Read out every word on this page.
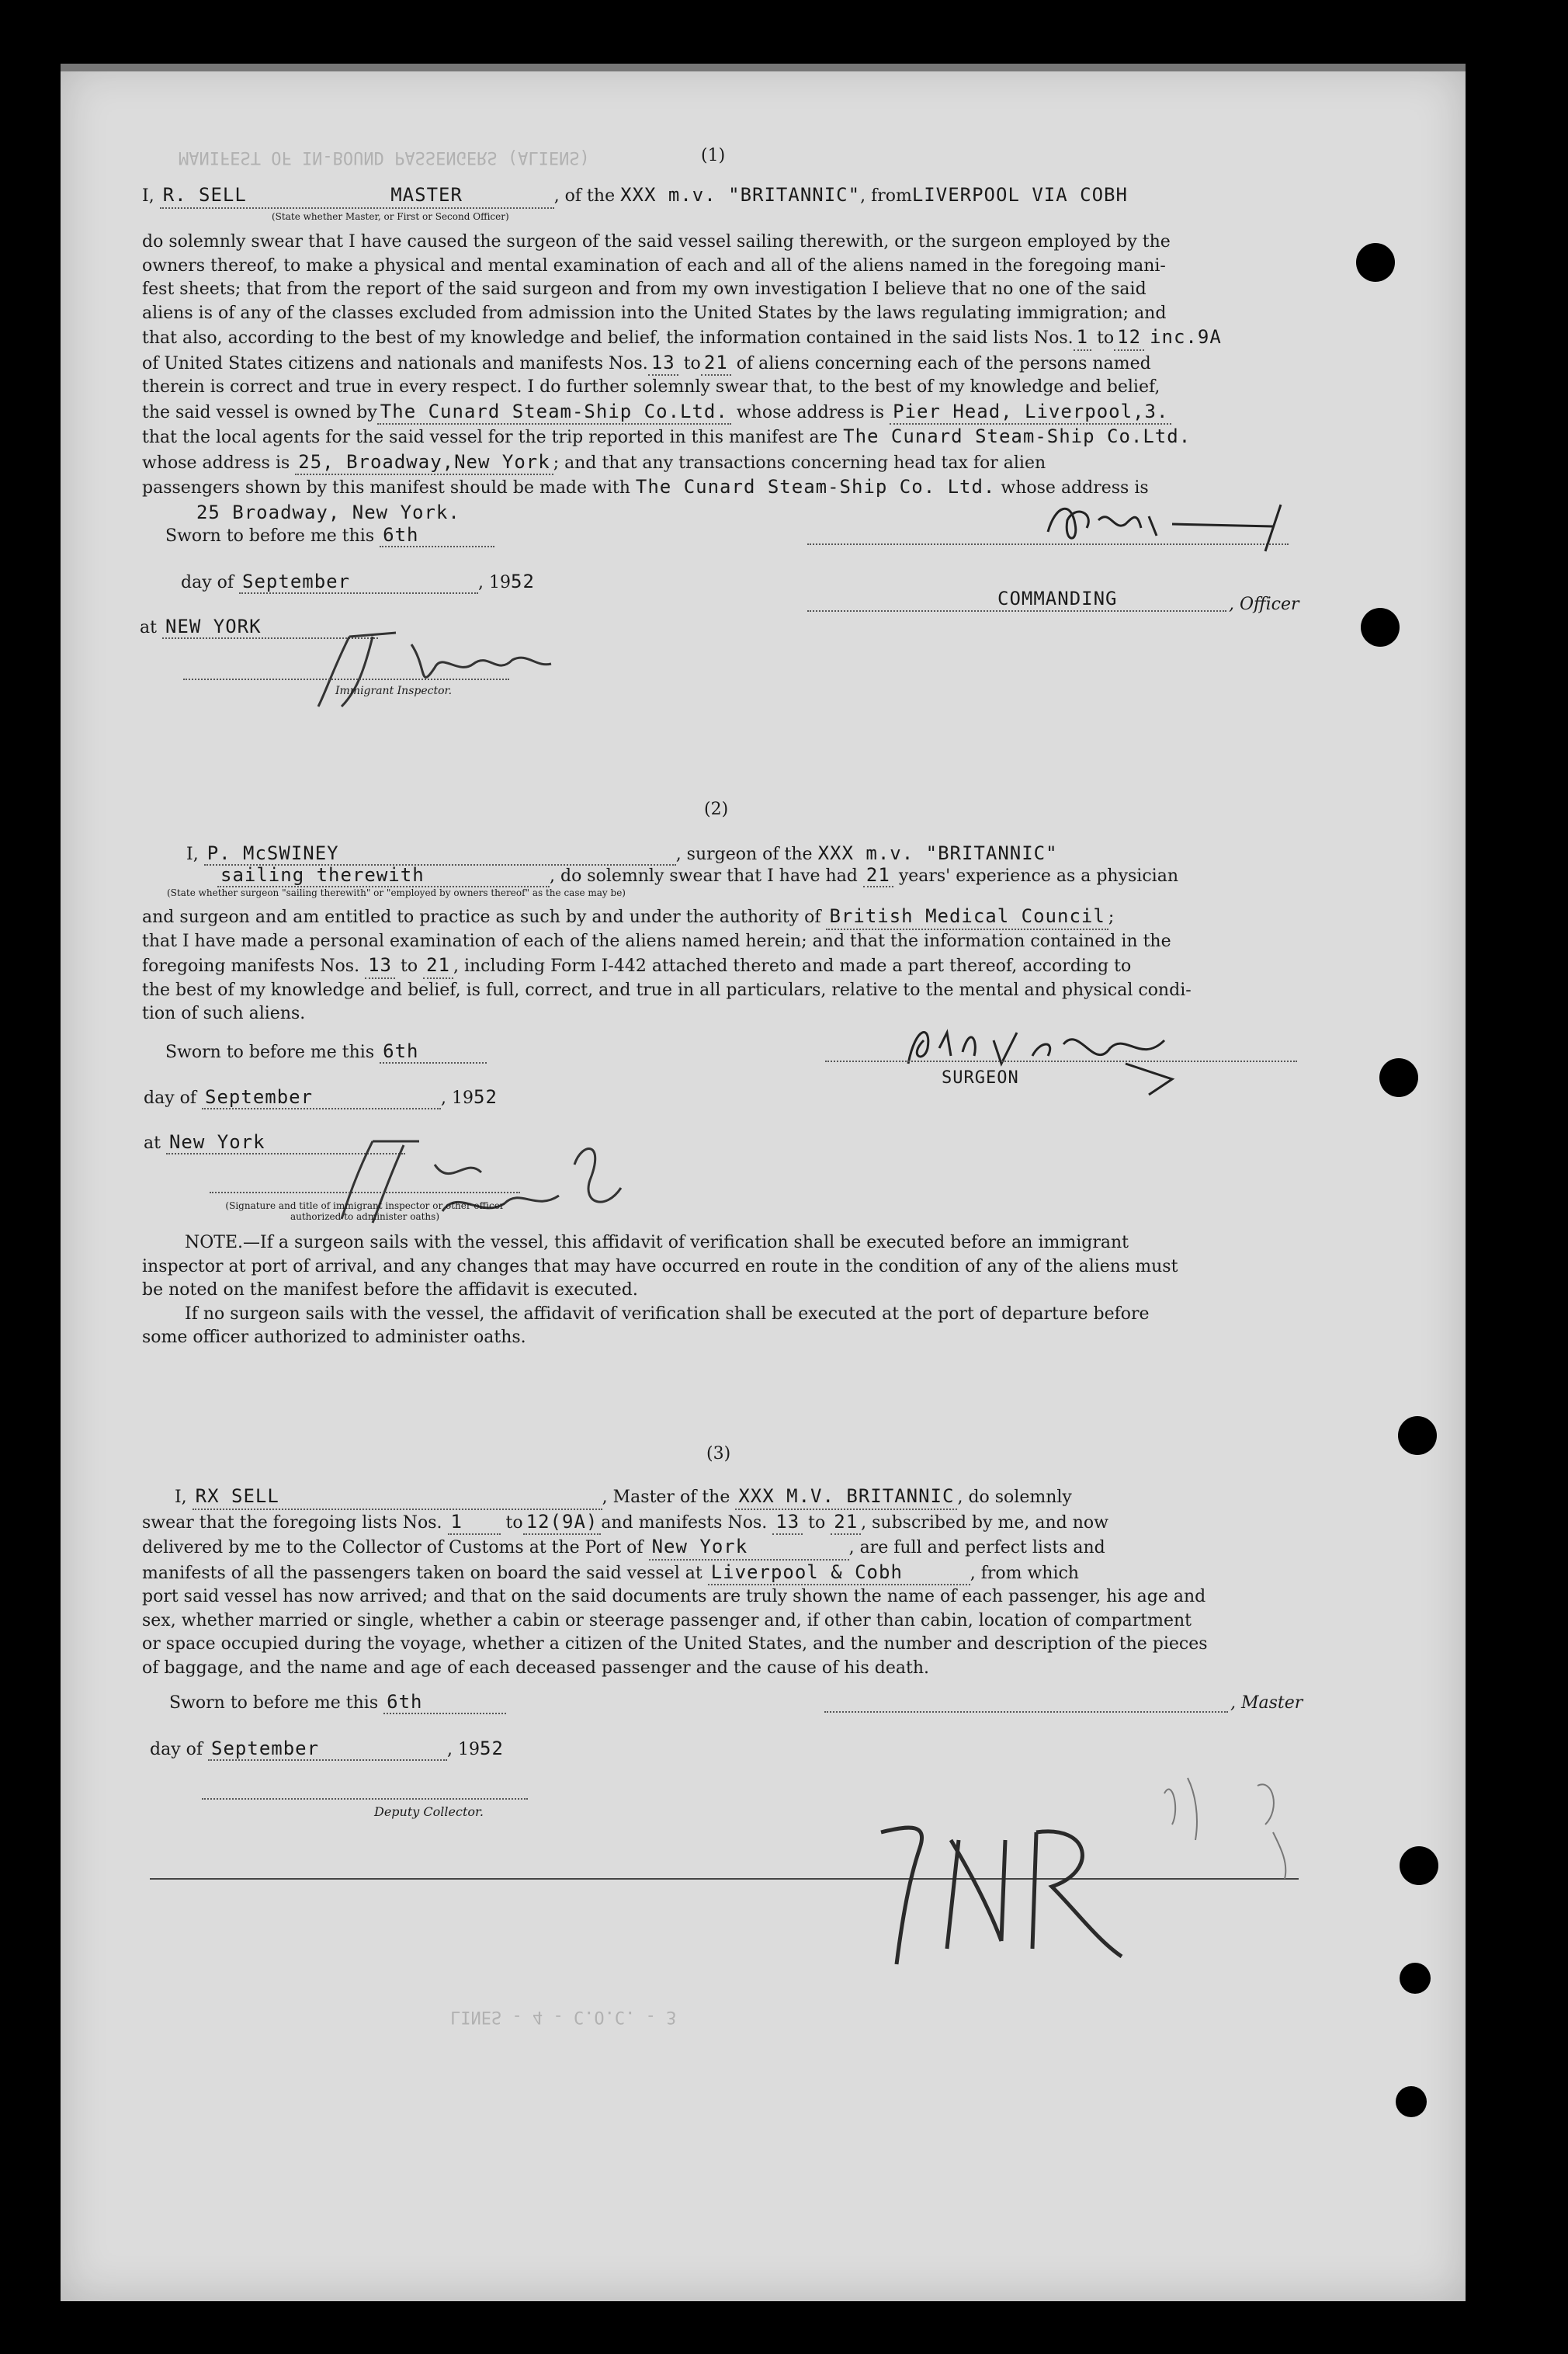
MANIFEST OF IN-BOUND PASSENGERS (ALIENS)
LINES - 4 - C.O.C. - 3
(1)
I, R. SELL	MASTER	, of the XXX m.v. "BRITANNIC", fromLIVERPOOL VIA COBH
(State whether Master, or First or Second Officer)
do solemnly swear that I have caused the surgeon of the said vessel sailing therewith, or the surgeon employed by the
owners thereof, to make a physical and mental examination of each and all of the aliens named in the foregoing mani-
fest sheets; that from the report of the said surgeon and from my own investigation I believe that no one of the said
aliens is of any of the classes excluded from admission into the United States by the laws regulating immigration; and
that also, according to the best of my knowledge and belief, the information contained in the said lists Nos. 1 to 12 inc.9A
of United States citizens and nationals and manifests Nos. 13 to 21 of aliens concerning each of the persons named
therein is correct and true in every respect. I do further solemnly swear that, to the best of my knowledge and belief,
the said vessel is owned by The Cunard Steam-Ship Co.Ltd. whose address is Pier Head, Liverpool,3.
that the local agents for the said vessel for the trip reported in this manifest are The Cunard Steam-Ship Co.Ltd.
whose address is 25, Broadway,New York ; and that any transactions concerning head tax for alien
passengers shown by this manifest should be made with The Cunard Steam-Ship Co. Ltd. whose address is
25 Broadway, New York.
Sworn to before me this 6th
day of September	, 1952
COMMANDING	, Officer
at NEW YORK
Immigrant Inspector.
(2)
I, P. McSWINEY	, surgeon of the XXX m.v. "BRITANNIC"
sailing therewith	, do solemnly swear that I have had 21 years' experience as a physician
(State whether surgeon "sailing therewith" or "employed by owners thereof" as the case may be)
and surgeon and am entitled to practice as such by and under the authority of British Medical Council ;
that I have made a personal examination of each of the aliens named herein; and that the information contained in the
foregoing manifests Nos. 13 to 21 , including Form I-442 attached thereto and made a part thereof, according to
the best of my knowledge and belief, is full, correct, and true in all particulars, relative to the mental and physical condi-
tion of such aliens.
Sworn to before me this 6th
SURGEON
day of September	, 1952
at New York
(Signature and title of immigrant inspector or other officer authorized to administer oaths)
NOTE.—If a surgeon sails with the vessel, this affidavit of verification shall be executed before an immigrant
inspector at port of arrival, and any changes that may have occurred en route in the condition of any of the aliens must
be noted on the manifest before the affidavit is executed.
If no surgeon sails with the vessel, the affidavit of verification shall be executed at the port of departure before
some officer authorized to administer oaths.
(3)
I, RX SELL	, Master of the XXX M.V. BRITANNIC , do solemnly
swear that the foregoing lists Nos. 1	to 12(9A) and manifests Nos. 13 to 21 , subscribed by me, and now
delivered by me to the Collector of Customs at the Port of New York	, are full and perfect lists and
manifests of all the passengers taken on board the said vessel at Liverpool & Cobh	, from which
port said vessel has now arrived; and that on the said documents are truly shown the name of each passenger, his age and
sex, whether married or single, whether a cabin or steerage passenger and, if other than cabin, location of compartment
or space occupied during the voyage, whether a citizen of the United States, and the number and description of the pieces
of baggage, and the name and age of each deceased passenger and the cause of his death.
Sworn to before me this 6th	, Master
day of September	, 1952
Deputy Collector.
